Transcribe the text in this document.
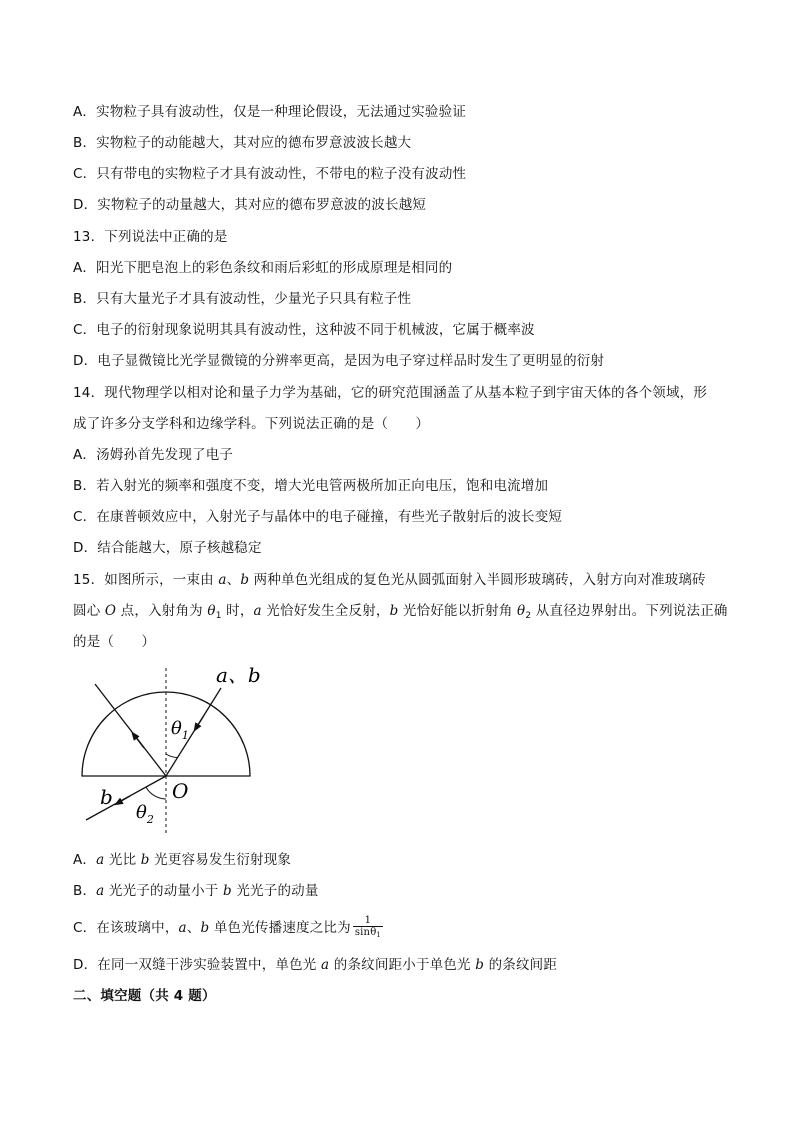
A．实物粒子具有波动性，仅是一种理论假设，无法通过实验验证
B．实物粒子的动能越大，其对应的德布罗意波波长越大
C．只有带电的实物粒子才具有波动性，不带电的粒子没有波动性
D．实物粒子的动量越大，其对应的德布罗意波的波长越短
13．下列说法中正确的是
A．阳光下肥皂泡上的彩色条纹和雨后彩虹的形成原理是相同的
B．只有大量光子才具有波动性，少量光子只具有粒子性
C．电子的衍射现象说明其具有波动性，这种波不同于机械波，它属于概率波
D．电子显微镜比光学显微镜的分辨率更高，是因为电子穿过样品时发生了更明显的衍射
14．现代物理学以相对论和量子力学为基础，它的研究范围涵盖了从基本粒子到宇宙天体的各个领域，形
成了许多分支学科和边缘学科。下列说法正确的是（　　）
A．汤姆孙首先发现了电子
B．若入射光的频率和强度不变，增大光电管两极所加正向电压，饱和电流增加
C．在康普顿效应中，入射光子与晶体中的电子碰撞，有些光子散射后的波长变短
D．结合能越大，原子核越稳定
15．如图所示，一束由 a、b 两种单色光组成的复色光从圆弧面射入半圆形玻璃砖，入射方向对准玻璃砖
圆心 O 点，入射角为 $\theta_1$ 时，a 光恰好发生全反射，b 光恰好能以折射角 $\theta_2$ 从直径边界射出。下列说法正确
的是（　　）
a、b
$\theta_1$
O
b
$\theta_2$
A．a 光比 b 光更容易发生衍射现象
B．a 光光子的动量小于 b 光光子的动量
C．在该玻璃中，a、b 单色光传播速度之比为 $\frac{1}{\sin\theta_1}$
D．在同一双缝干涉实验装置中，单色光 a 的条纹间距小于单色光 b 的条纹间距
二、填空题（共 4 题）
